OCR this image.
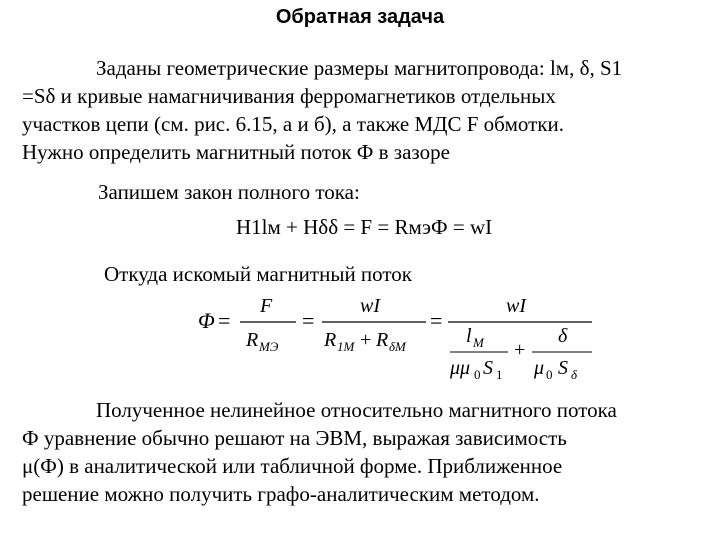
Обратная задача

Заданы геометрические размеры магнитопровода: lм, δ, S1
=Sδ и кривые намагничивания ферромагнетиков отдельных
участков цепи (см. рис. 6.15, а и б), а также МДС F обмотки.
Нужно определить магнитный поток Ф в зазоре

Запишем закон полного тока:
H1lм + Hδδ = F = RмэФ = wI
Откуда искомый магнитный поток
Φ =
F
R MЭ
=
wI
R 1M + R δM
=
wI
l M
μμ 0 S 1
+
δ
μ 0 S δ

Полученное нелинейное относительно магнитного потока
Ф уравнение обычно решают на ЭВМ, выражая зависимость
μ(Ф) в аналитической или табличной форме. Приближенное
решение можно получить графо-аналитическим методом.
